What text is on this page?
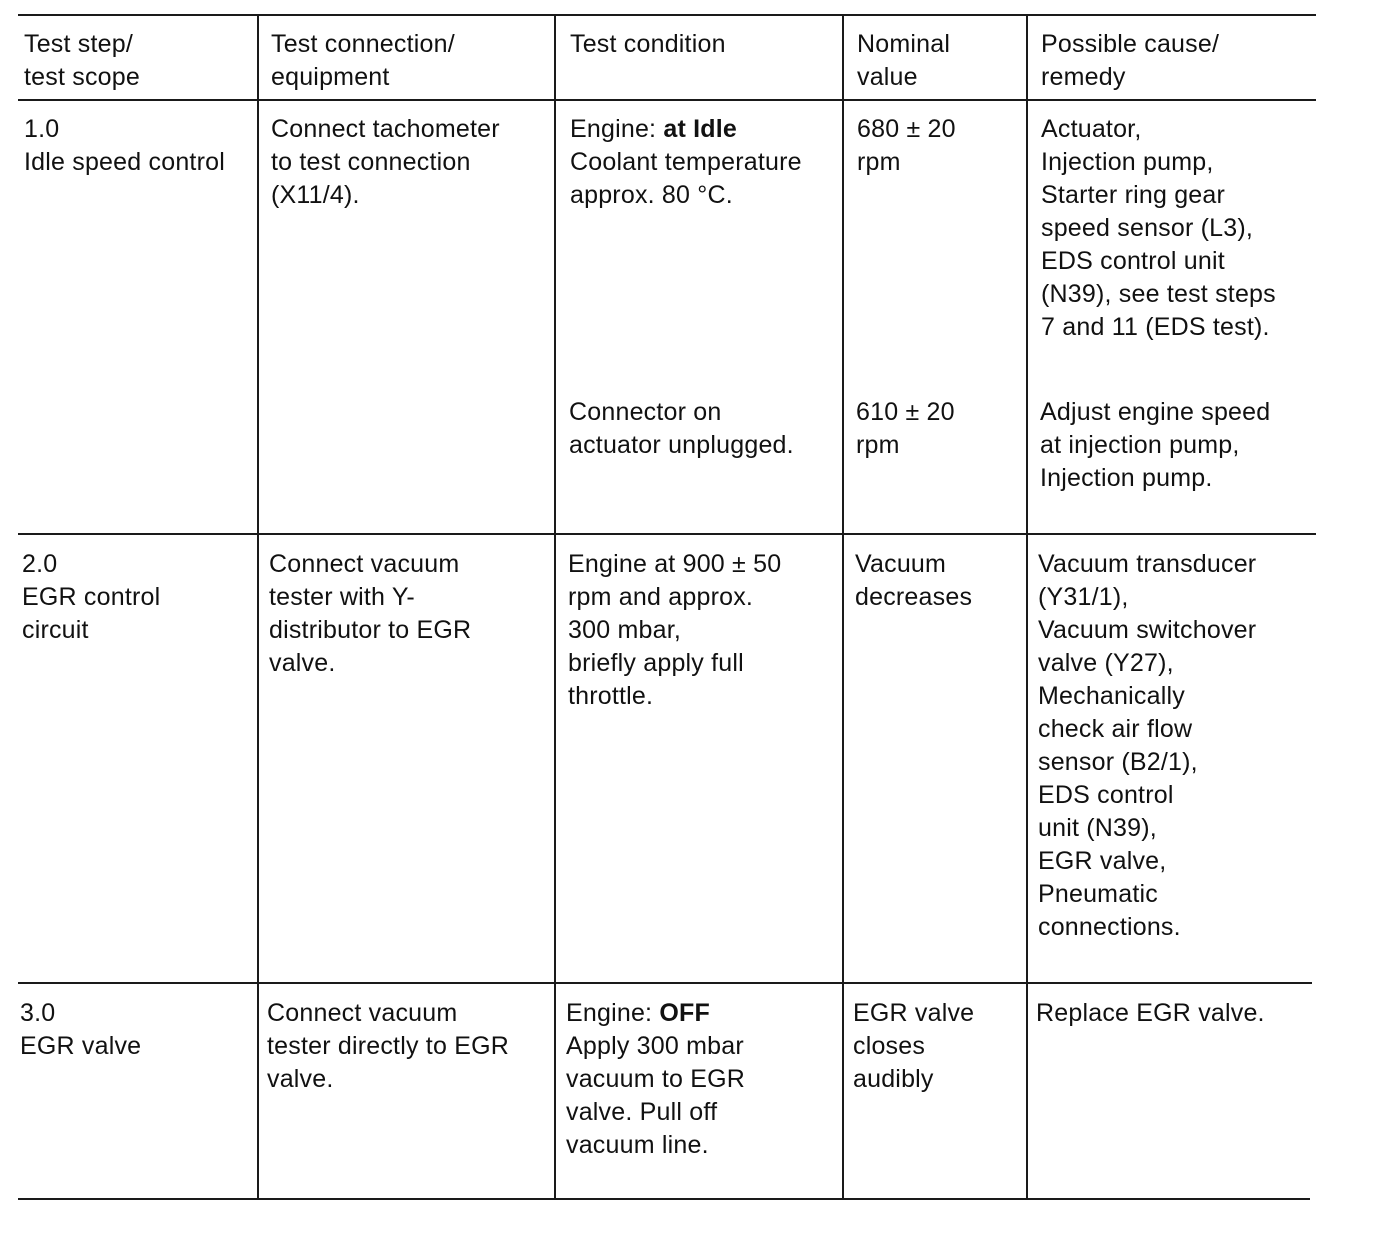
Test step/
test scope
Test connection/
equipment
Test condition	Nominal
value
Possible cause/
remedy
1.0
Idle speed control
Connect tachometer
to test connection
(X11/4).
Engine: at Idle
Coolant temperature
approx. 80 °C.
680 ± 20
rpm
Actuator,
Injection pump,
Starter ring gear
speed sensor (L3),
EDS control unit
(N39), see test steps
7 and 11 (EDS test).
Connector on
actuator unplugged.
610 ± 20
rpm
Adjust engine speed
at injection pump,
Injection pump.
2.0
EGR control
circuit
Connect vacuum
tester with Y-
distributor to EGR
valve.
Engine at 900 ± 50
rpm and approx.
300 mbar,
briefly apply full
throttle.
Vacuum
decreases
Vacuum transducer
(Y31/1),
Vacuum switchover
valve (Y27),
Mechanically
check air flow
sensor (B2/1),
EDS control
unit (N39),
EGR valve,
Pneumatic
connections.
3.0
EGR valve
Connect vacuum
tester directly to EGR
valve.
Engine: OFF
Apply 300 mbar
vacuum to EGR
valve. Pull off
vacuum line.
EGR valve
closes
audibly
Replace EGR valve.
